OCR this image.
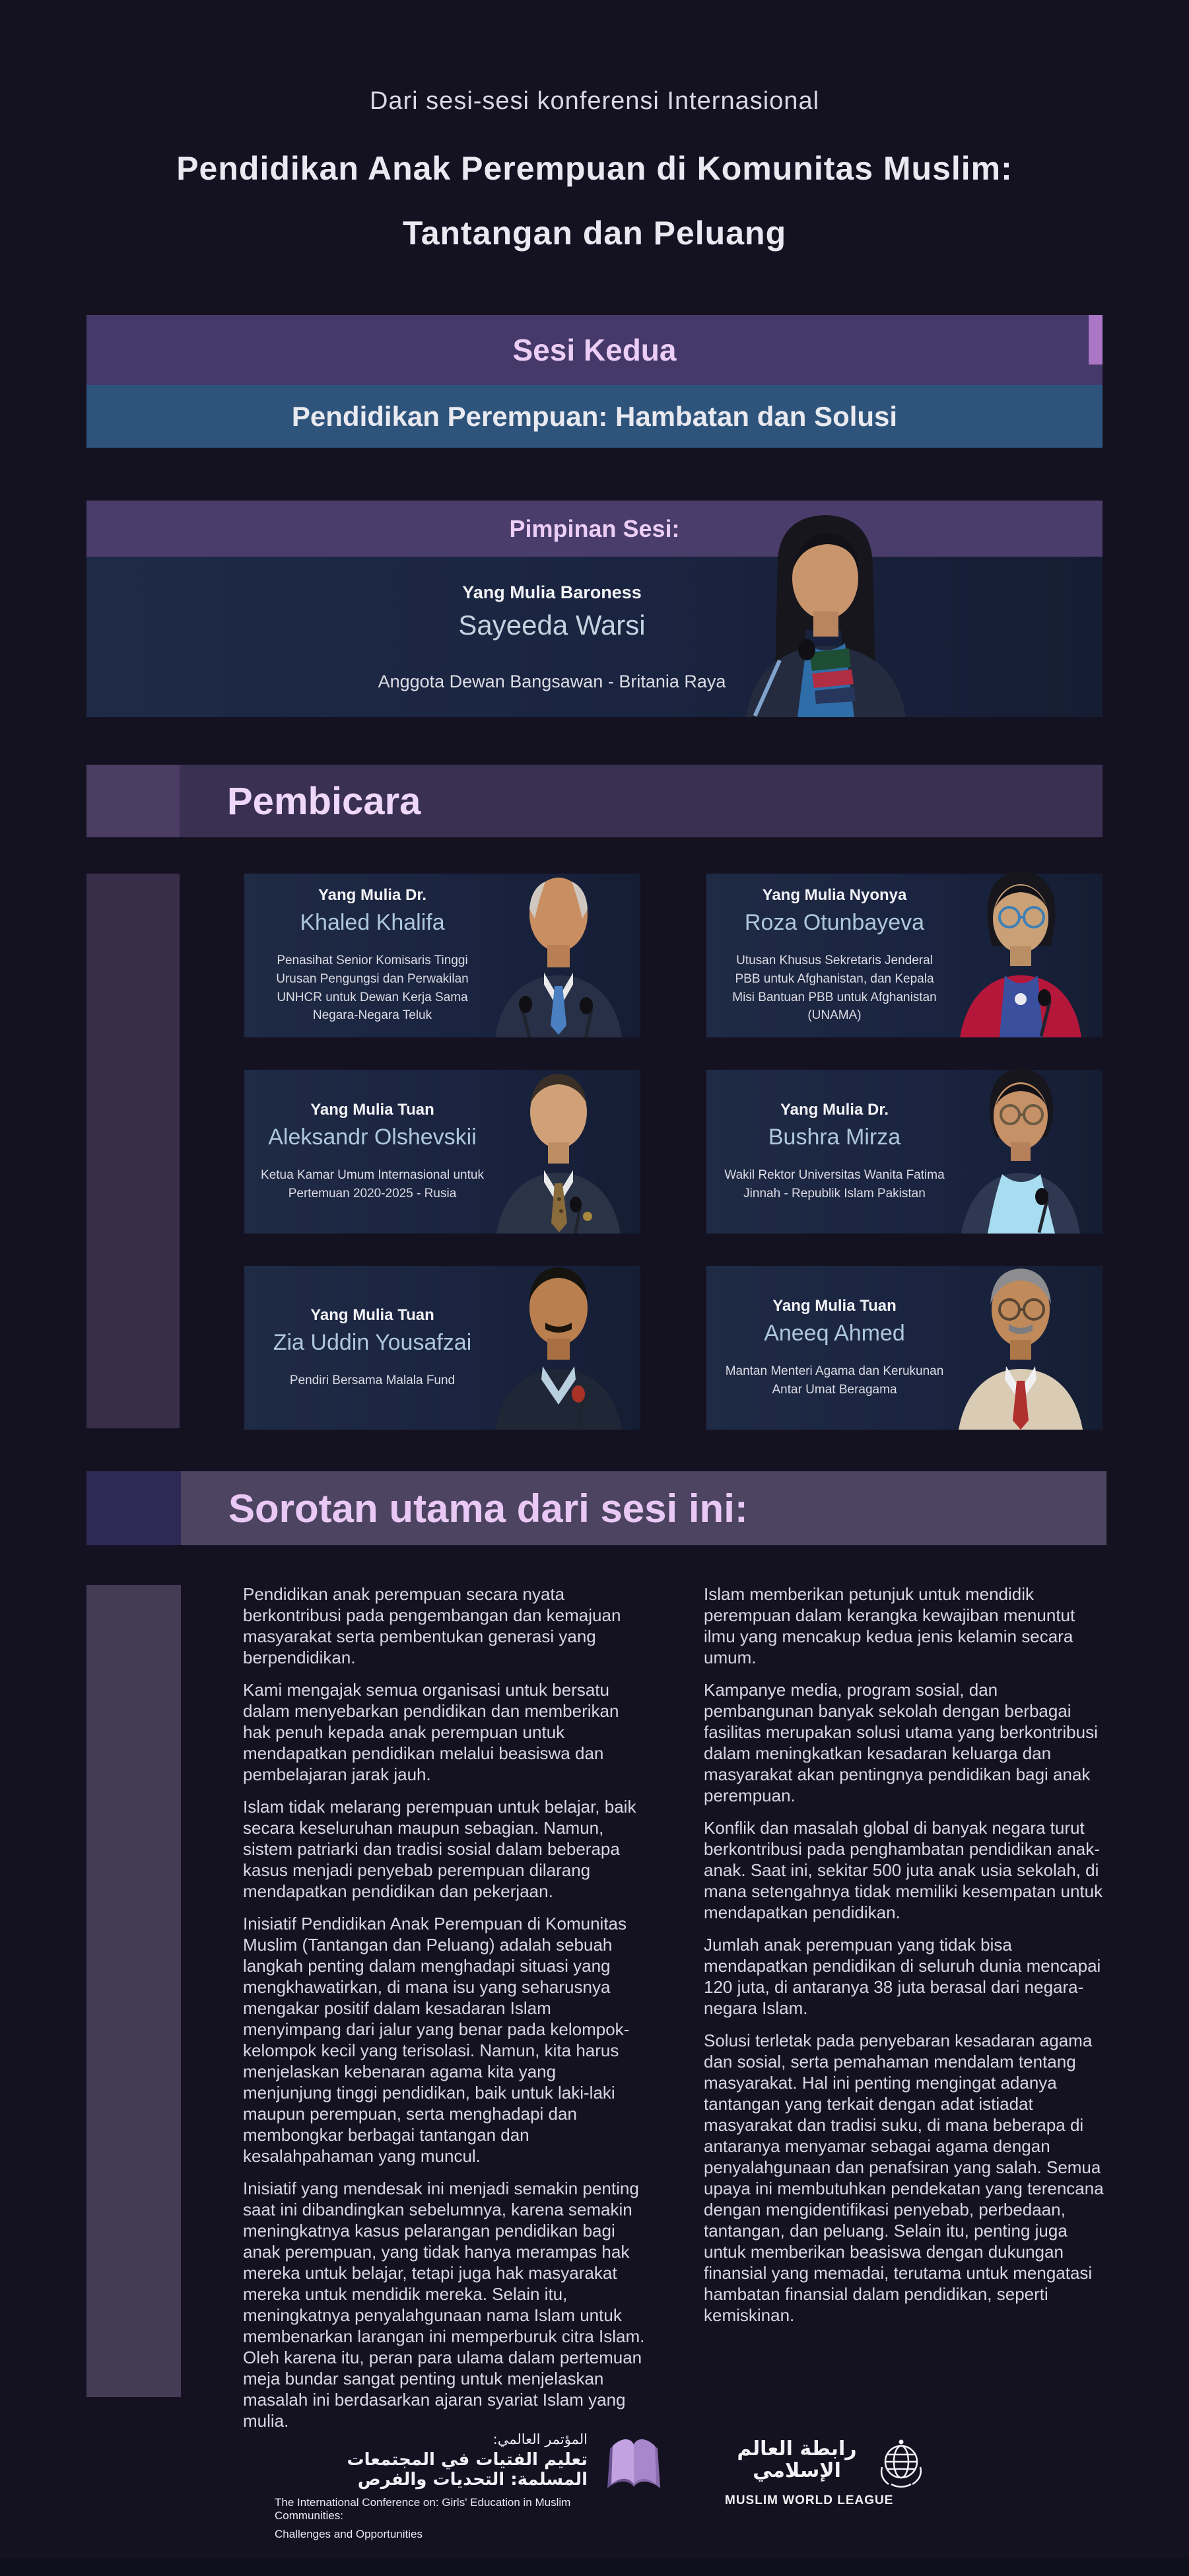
Dari sesi-sesi konferensi Internasional
Pendidikan Anak Perempuan di Komunitas Muslim:
Tantangan dan Peluang
Sesi Kedua
Pendidikan Perempuan: Hambatan dan Solusi
Pimpinan Sesi:
Yang Mulia Baroness
Sayeeda Warsi
Anggota Dewan Bangsawan - Britania Raya
Pembicara
Yang Mulia Dr.
Khaled Khalifa
Penasihat Senior Komisaris Tinggi Urusan Pengungsi dan Perwakilan UNHCR untuk Dewan Kerja Sama Negara-Negara Teluk
Yang Mulia Nyonya
Roza Otunbayeva
Utusan Khusus Sekretaris Jenderal PBB untuk Afghanistan, dan Kepala Misi Bantuan PBB untuk Afghanistan (UNAMA)
Yang Mulia Tuan
Aleksandr Olshevskii
Ketua Kamar Umum Internasional untuk Pertemuan 2020-2025 - Rusia
Yang Mulia Dr.
Bushra Mirza
Wakil Rektor Universitas Wanita Fatima Jinnah - Republik Islam Pakistan
Yang Mulia Tuan
Zia Uddin Yousafzai
Pendiri Bersama Malala Fund
Yang Mulia Tuan
Aneeq Ahmed
Mantan Menteri Agama dan Kerukunan Antar Umat Beragama
Sorotan utama dari sesi ini:

Pendidikan anak perempuan secara nyata berkontribusi pada pengembangan dan kemajuan masyarakat serta pembentukan generasi yang berpendidikan.

Kami mengajak semua organisasi untuk bersatu dalam menyebarkan pendidikan dan memberikan hak penuh kepada anak perempuan untuk mendapatkan pendidikan melalui beasiswa dan pembelajaran jarak jauh.

Islam tidak melarang perempuan untuk belajar, baik secara keseluruhan maupun sebagian. Namun, sistem patriarki dan tradisi sosial dalam beberapa kasus menjadi penyebab perempuan dilarang mendapatkan pendidikan dan pekerjaan.

Inisiatif Pendidikan Anak Perempuan di Komunitas Muslim (Tantangan dan Peluang) adalah sebuah langkah penting dalam menghadapi situasi yang mengkhawatirkan, di mana isu yang seharusnya mengakar positif dalam kesadaran Islam menyimpang dari jalur yang benar pada kelompok-kelompok kecil yang terisolasi. Namun, kita harus menjelaskan kebenaran agama kita yang menjunjung tinggi pendidikan, baik untuk laki-laki maupun perempuan, serta menghadapi dan membongkar berbagai tantangan dan kesalahpahaman yang muncul.

Inisiatif yang mendesak ini menjadi semakin penting saat ini dibandingkan sebelumnya, karena semakin meningkatnya kasus pelarangan pendidikan bagi anak perempuan, yang tidak hanya merampas hak mereka untuk belajar, tetapi juga hak masyarakat mereka untuk mendidik mereka. Selain itu, meningkatnya penyalahgunaan nama Islam untuk membenarkan larangan ini memperburuk citra Islam. Oleh karena itu, peran para ulama dalam pertemuan meja bundar sangat penting untuk menjelaskan masalah ini berdasarkan ajaran syariat Islam yang mulia.

Islam memberikan petunjuk untuk mendidik perempuan dalam kerangka kewajiban menuntut ilmu yang mencakup kedua jenis kelamin secara umum.

Kampanye media, program sosial, dan pembangunan banyak sekolah dengan berbagai fasilitas merupakan solusi utama yang berkontribusi dalam meningkatkan kesadaran keluarga dan masyarakat akan pentingnya pendidikan bagi anak perempuan.

Konflik dan masalah global di banyak negara turut berkontribusi pada penghambatan pendidikan anak-anak. Saat ini, sekitar 500 juta anak usia sekolah, di mana setengahnya tidak memiliki kesempatan untuk mendapatkan pendidikan.

Jumlah anak perempuan yang tidak bisa mendapatkan pendidikan di seluruh dunia mencapai 120 juta, di antaranya 38 juta berasal dari negara-negara Islam.

Solusi terletak pada penyebaran kesadaran agama dan sosial, serta pemahaman mendalam tentang masyarakat. Hal ini penting mengingat adanya tantangan yang terkait dengan adat istiadat masyarakat dan tradisi suku, di mana beberapa di antaranya menyamar sebagai agama dengan penyalahgunaan dan penafsiran yang salah. Semua upaya ini membutuhkan pendekatan yang terencana dengan mengidentifikasi penyebab, perbedaan, tantangan, dan peluang. Selain itu, penting juga untuk memberikan beasiswa dengan dukungan finansial yang memadai, terutama untuk mengatasi hambatan finansial dalam pendidikan, seperti kemiskinan.

المؤتمر العالمي:
تعليم الفتيات في المجتمعات المسلمة: التحديات والفرص
The International Conference on: Girls' Education in Muslim Communities:
Challenges and Opportunities
رابطة العالم الإسلامي
MUSLIM WORLD LEAGUE
